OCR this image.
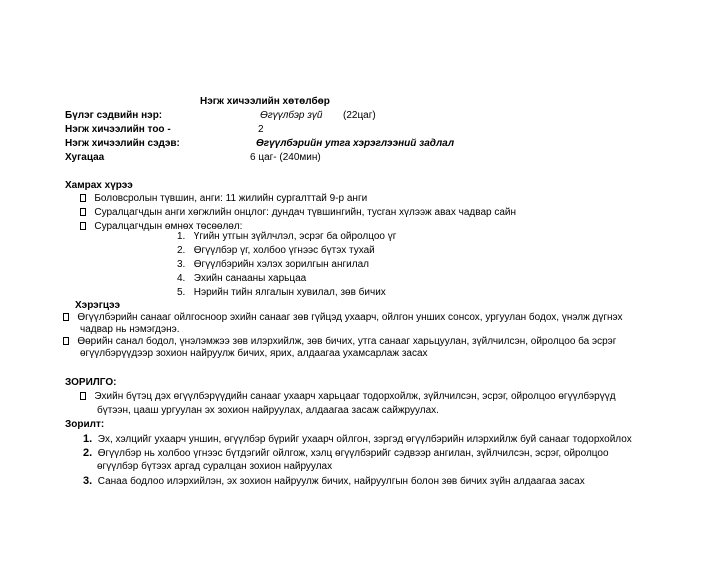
Нэгж хичээлийн хөтөлбөр
Бүлэг сэдвийн нэр:	Өгүүлбэр зүй (22цаг)
Нэгж хичээлийн тоо -	2
Нэгж хичээлийн сэдэв:	Өгүүлбэрийн утга хэрэглээний задлал
Хугацаа	6 цаг- (240мин)
Хамрах хүрээ
Боловсролын түвшин, анги: 11 жилийн сургалттай 9-р анги
Суралцагчдын анги хөгжлийн онцлог: дундач түвшингийн, тусган хүлээж авах чадвар сайн
Суралцагчдын өмнөх төсөөлөл:
1. Үгийн утгын зүйлчлэл, эсрэг ба ойролцоо үг
2. Өгүүлбэр үг, холбоо үгнээс бүтэх тухай
3. Өгүүлбэрийн хэлэх зорилгын ангилал
4. Эхийн санааны харьцаа
5. Нэрийн тийн ялгалын хувилал, зөв бичих
Хэрэгцээ
Өгүүлбэрийн санааг ойлгосноор эхийн санааг зөв гүйцэд ухаарч, ойлгон унших сонсох, ургуулан бодох, үнэлж дүгнэх
чадвар нь нэмэгдэнэ.
Өөрийн санал бодол, үнэлэмжээ зөв илэрхийлж, зөв бичих, утга санааг харьцуулан, зүйлчилсэн, ойролцоо ба эсрэг
өгүүлбэрүүдээр зохион найруулж бичих, ярих, алдаагаа ухамсарлаж засах
ЗОРИЛГО:
Эхийн бүтэц дэх өгүүлбэрүүдийн санааг ухаарч харьцааг тодорхойлж, зүйлчилсэн, эсрэг, ойролцоо өгүүлбэрүүд
бүтээн, цааш ургуулан эх зохион найруулах, алдаагаа засаж сайжруулах.
Зорилт:
1. Эх, хэлцийг ухаарч уншин, өгүүлбэр бүрийг ухаарч ойлгон, зэргэд өгүүлбэрийн илэрхийлж буй санааг тодорхойлох
2. Өгүүлбэр нь холбоо үгнээс бүтдэгийг ойлгож, хэлц өгүүлбэрийг сэдвээр ангилан, зүйлчилсэн, эсрэг, ойролцоо
өгүүлбэр бүтээх аргад суралцан зохион найруулах
3. Санаа бодлоо илэрхийлэн, эх зохион найруулж бичих, найруулгын болон зөв бичих зүйн алдаагаа засах
